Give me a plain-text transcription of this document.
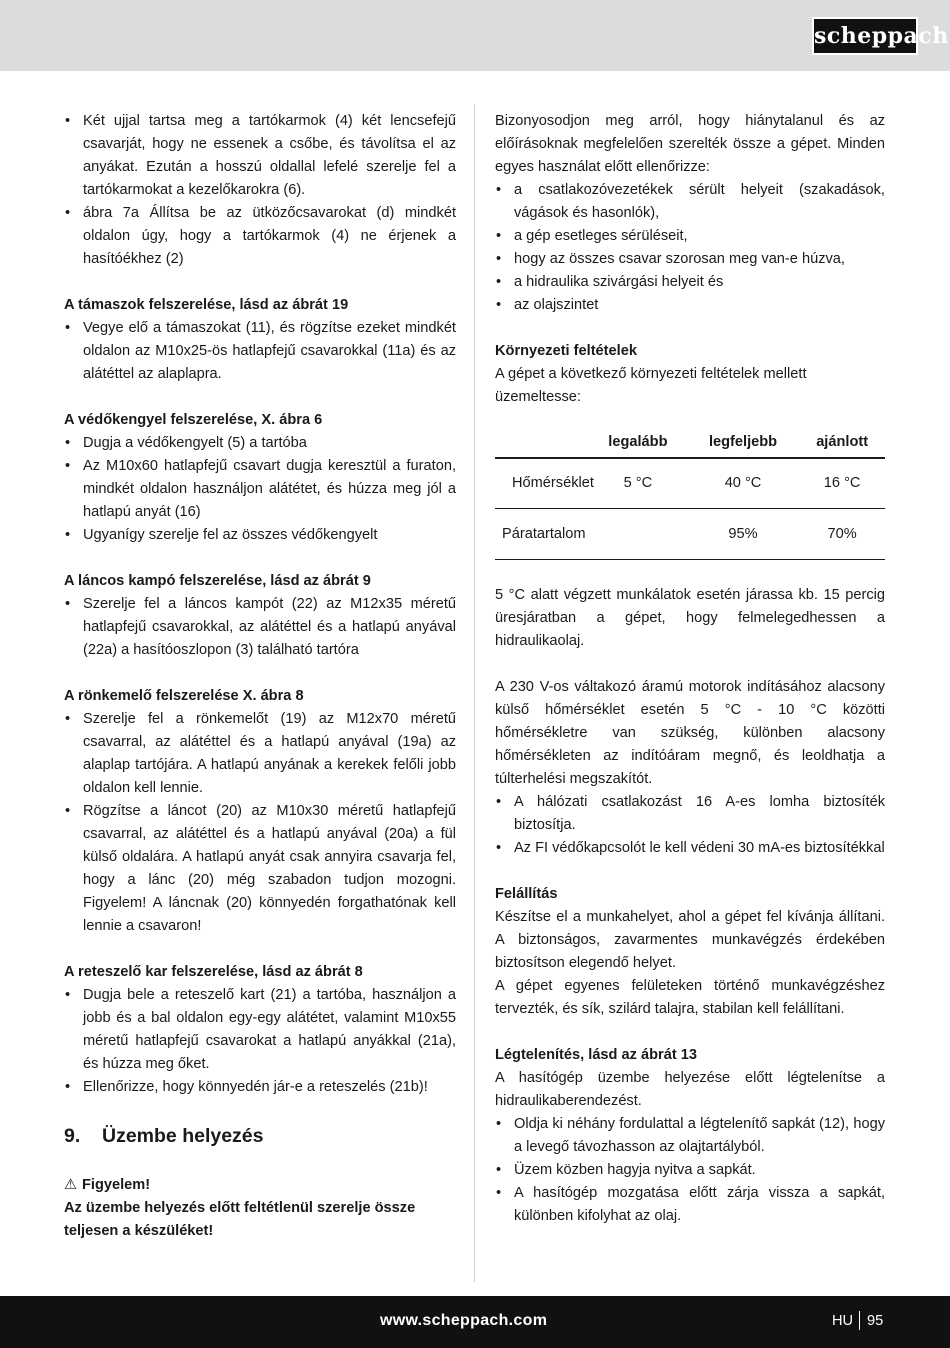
scheppach
• Két ujjal tartsa meg a tartókarmok (4) két lencsefejű csavarját, hogy ne essenek a csőbe, és távolítsa el az anyákat. Ezután a hosszú oldallal lefelé szerelje fel a tartókarmokat a kezelőkarokra (6).
• ábra 7a Állítsa be az ütközőcsavarokat (d) mindkét oldalon úgy, hogy a tartókarmok (4) ne érjenek a hasítóékhez (2)
A támaszok felszerelése, lásd az ábrát 19
• Vegye elő a támaszokat (11), és rögzítse ezeket mindkét oldalon az M10x25-ös hatlapfejű csavarokkal (11a) és az alátéttel az alaplapra.
A védőkengyel felszerelése, X. ábra 6
• Dugja a védőkengyelt (5) a tartóba
• Az M10x60 hatlapfejű csavart dugja keresztül a furaton, mindkét oldalon használjon alátétet, és húzza meg jól a hatlapú anyát (16)
• Ugyanígy szerelje fel az összes védőkengyelt
A láncos kampó felszerelése, lásd az ábrát 9
• Szerelje fel a láncos kampót (22) az M12x35 méretű hatlapfejű csavarokkal, az alátéttel és a hatlapú anyával (22a) a hasítóoszlopon (3) található tartóra
A rönkemelő felszerelése X. ábra 8
• Szerelje fel a rönkemelőt (19) az M12x70 méretű csavarral, az alátéttel és a hatlapú anyával (19a) az alaplap tartójára. A hatlapú anyának a kerekek felőli jobb oldalon kell lennie.
• Rögzítse a láncot (20) az M10x30 méretű hatlapfejű csavarral, az alátéttel és a hatlapú anyával (20a) a fül külső oldalára. A hatlapú anyát csak annyira csavarja fel, hogy a lánc (20) még szabadon tudjon mozogni. Figyelem! A láncnak (20) könnyedén forgathatónak kell lennie a csavaron!
A reteszelő kar felszerelése, lásd az ábrát 8
• Dugja bele a reteszelő kart (21) a tartóba, használjon a jobb és a bal oldalon egy-egy alátétet, valamint M10x55 méretű hatlapfejű csavarokat a hatlapú anyákkal (21a), és húzza meg őket.
• Ellenőrizze, hogy könnyedén jár-e a reteszelés (21b)!
9. Üzembe helyezés
⚠ Figyelem!

Az üzembe helyezés előtt feltétlenül szerelje össze teljesen a készüléket!

Bizonyosodjon meg arról, hogy hiánytalanul és az előírásoknak megfelelően szerelték össze a gépet. Minden egyes használat előtt ellenőrizze:

• a csatlakozóvezetékek sérült helyeit (szakadások, vágások és hasonlók),
• a gép esetleges sérüléseit,
• hogy az összes csavar szorosan meg van-e húzva,
• a hidraulika szivárgási helyeit és
• az olajszintet
Környezeti feltételek

A gépet a következő környezeti feltételek mellett üzemeltesse:

	legalább	legfeljebb	ajánlott

Hőmérséklet	5 °C	40 °C	16 °C

Páratartalom		95%	70%

5 °C alatt végzett munkálatok esetén járassa kb. 15 percig üresjáratban a gépet, hogy felmelegedhessen a hidraulikaolaj.

A 230 V-os váltakozó áramú motorok indításához alacsony külső hőmérséklet esetén 5 °C - 10 °C közötti hőmérsékletre van szükség, különben alacsony hőmérsékleten az indítóáram megnő, és leoldhatja a túlterhelési megszakítót.

• A hálózati csatlakozást 16 A-es lomha biztosíték biztosítja.
• Az FI védőkapcsolót le kell védeni 30 mA-es biztosítékkal
Felállítás

Készítse el a munkahelyet, ahol a gépet fel kívánja állítani. A biztonságos, zavarmentes munkavégzés érdekében biztosítson elegendő helyet.

A gépet egyenes felületeken történő munkavégzéshez tervezték, és sík, szilárd talajra, stabilan kell felállítani.

Légtelenítés, lásd az ábrát 13

A hasítógép üzembe helyezése előtt légtelenítse a hidraulikaberendezést.

• Oldja ki néhány fordulattal a légtelenítő sapkát (12), hogy a levegő távozhasson az olajtartályból.
• Üzem közben hagyja nyitva a sapkát.
• A hasítógép mozgatása előtt zárja vissza a sapkát, különben kifolyhat az olaj.
www.scheppach.com	HU 95
